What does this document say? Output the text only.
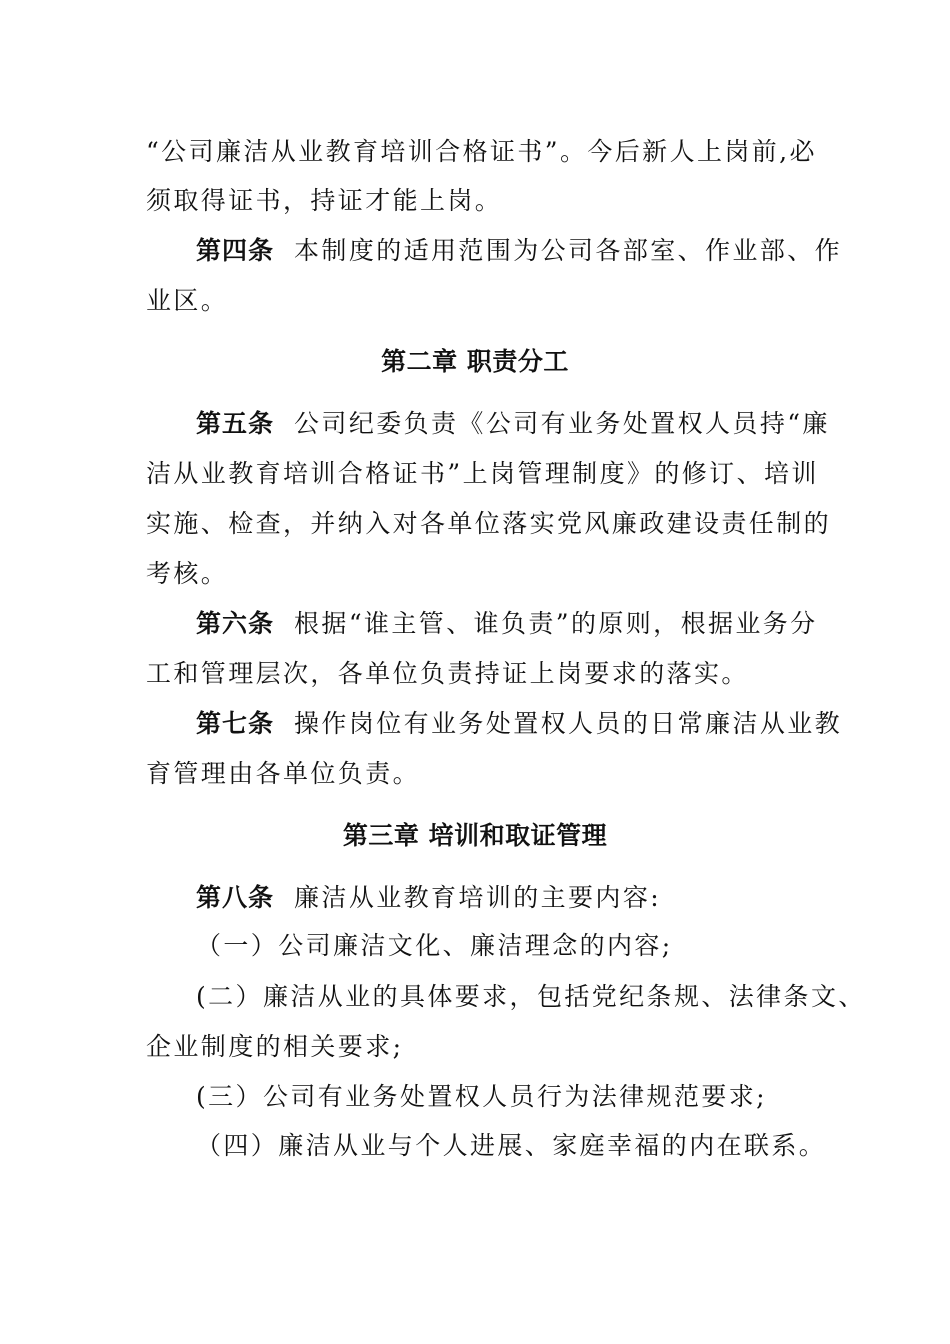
“公司廉洁从业教育培训合格证书”。今后新人上岗前,必
须取得证书，持证才能上岗。
第四条 本制度的适用范围为公司各部室、作业部、作
业区。
第二章 职责分工
第五条 公司纪委负责《公司有业务处置权人员持“廉
洁从业教育培训合格证书”上岗管理制度》的修订、培训
实施、检查，并纳入对各单位落实党风廉政建设责任制的
考核。
第六条 根据“谁主管、谁负责”的原则，根据业务分
工和管理层次，各单位负责持证上岗要求的落实。
第七条 操作岗位有业务处置权人员的日常廉洁从业教
育管理由各单位负责。
第三章 培训和取证管理
第八条 廉洁从业教育培训的主要内容:
（一）公司廉洁文化、廉洁理念的内容;
(二）廉洁从业的具体要求，包括党纪条规、法律条文、
企业制度的相关要求;
(三）公司有业务处置权人员行为法律规范要求;
（四）廉洁从业与个人进展、家庭幸福的内在联系。
